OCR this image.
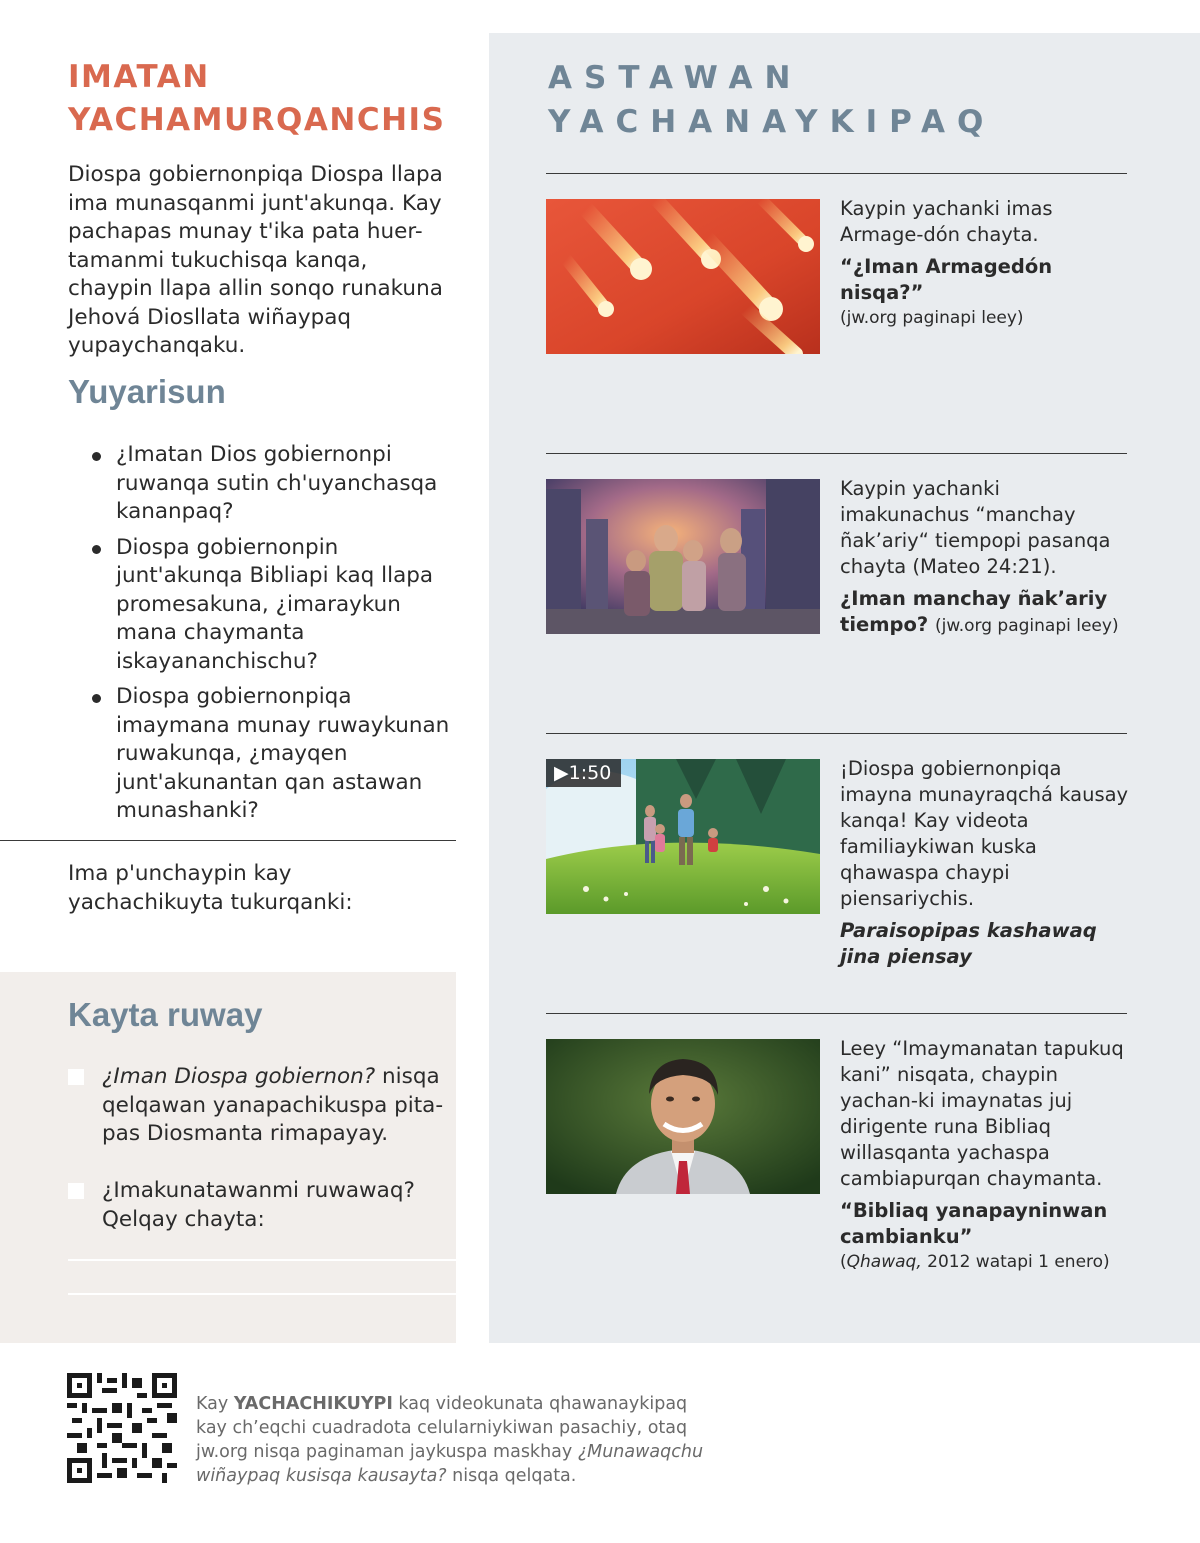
IMATAN
YACHAMURQANCHIS

Diospa gobiernonpiqa Diospa llapa ima munasqanmi junt'akunqa. Kay pachapas munay t'ika pata huer-tamanmi tukuchisqa kanqa, chaypin llapa allin sonqo runakuna Jehová Diosllata wiñaypaq yupaychanqaku.

Yuyarisun
¿Imatan Dios gobiernonpi ruwanqa sutin ch'uyanchasqa kananpaq?
Diospa gobiernonpin junt'akunqa Bibliapi kaq llapa promesakuna, ¿imaraykun mana chaymanta iskayananchischu?
Diospa gobiernonpiqa imaymana munay ruwaykunan ruwakunqa, ¿mayqen junt'akunantan qan astawan munashanki?

Ima p'unchaypin kay yachachikuyta tukurqanki:

Kayta ruway
¿Iman Diospa gobiernon? nisqa qelqawan yanapachikuspa pita-pas Diosmanta rimapayay.
¿Imakunatawanmi ruwawaq? Qelqay chayta:
ASTAWAN
YACHANAYKIPAQ
Kaypin yachanki imas Armage-dón chayta.
“¿Iman Armagedón nisqa?”
(jw.org paginapi leey)
Kaypin yachanki imakunachus “manchay ñak’ariy“ tiempopi pasanqa chayta (Mateo 24:21).
¿Iman manchay ñak’ariy tiempo? (jw.org paginapi leey)
▶1:50	¡Diospa gobiernonpiqa imayna munayraqchá kausay kanqa! Kay videota familiaykiwan kuska qhawaspa chaypi piensariychis.
Paraisopipas kashawaq jina piensay
Leey “Imaymanatan tapukuq kani” nisqata, chaypin yachan-ki imaynatas juj dirigente runa Bibliaq willasqanta yachaspa cambiapurqan chaymanta.
“Bibliaq yanapayninwan cambianku”
(Qhawaq, 2012 watapi 1 enero)

Kay YACHACHIKUYPI kaq videokunata qhawanaykipaq kay ch’eqchi cuadradota celularniykiwan pasachiy, otaq jw.org nisqa paginaman jaykuspa maskhay ¿Munawaqchu wiñaypaq kusisqa kausayta? nisqa qelqata.
